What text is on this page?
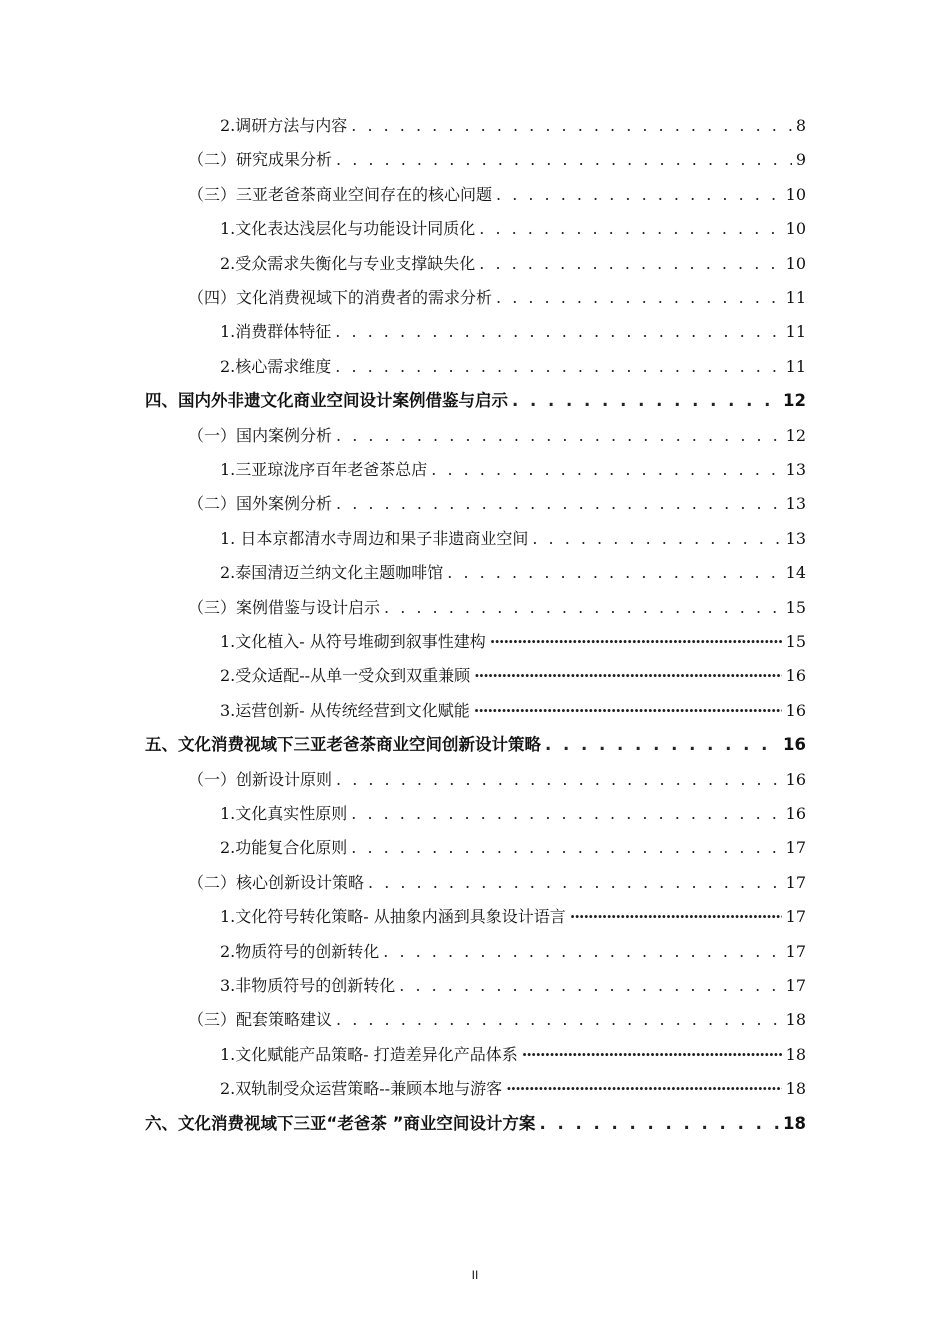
2.调研方法与内容 . . .	8
（二）研究成果分析 . . .	9
（三）三亚老爸茶商业空间存在的核心问题 . . .	10
1.文化表达浅层化与功能设计同质化 . . .	10
2.受众需求失衡化与专业支撑缺失化 . . .	10
（四）文化消费视域下的消费者的需求分析 . . .	11
1.消费群体特征 . . .	11
2.核心需求维度 . . .	11
四、国内外非遗文化商业空间设计案例借鉴与启示 . . .	12
（一）国内案例分析 . . .	12
1.三亚琼泷序百年老爸茶总店 . . .	13
（二）国外案例分析 . . .	13
1. 日本京都清水寺周边和果子非遗商业空间 . . .	13
2.泰国清迈兰纳文化主题咖啡馆 . . .	14
（三）案例借鉴与设计启示 . . .	15
1.文化植入- 从符号堆砌到叙事性建构 ·····	15
2.受众适配--从单一受众到双重兼顾 ·····	16
3.运营创新- 从传统经营到文化赋能 ·····	16
五、文化消费视域下三亚老爸茶商业空间创新设计策略 . . .	16
（一）创新设计原则 . . .	16
1.文化真实性原则 . . .	16
2.功能复合化原则 . . .	17
（二）核心创新设计策略 . . .	17
1.文化符号转化策略- 从抽象内涵到具象设计语言 ·····	17
2.物质符号的创新转化 . . .	17
3.非物质符号的创新转化 . . .	17
（三）配套策略建议 . . .	18
1.文化赋能产品策略- 打造差异化产品体系 ·····	18
2.双轨制受众运营策略--兼顾本地与游客 ·····	18
六、文化消费视域下三亚“老爸茶 ”商业空间设计方案 . . .	18
II
